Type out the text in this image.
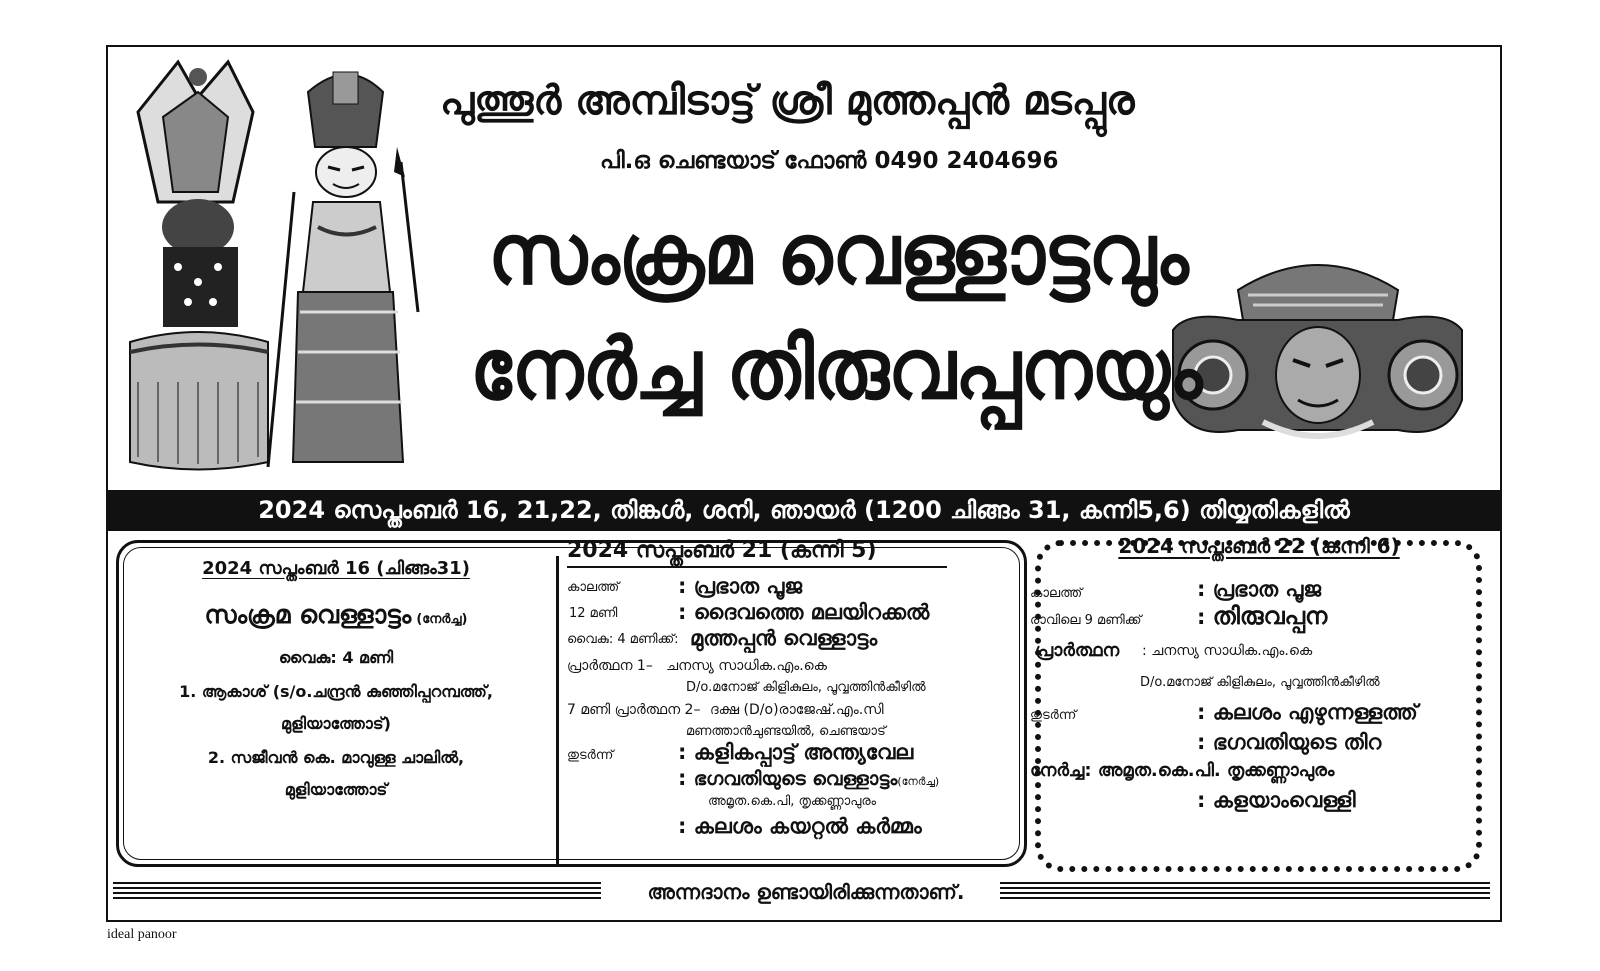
പുത്തൂർ അമ്പിടാട്ട് ശ്രീ മുത്തപ്പൻ മടപ്പുര
പി.ഒ ചെണ്ടയാട് ഫോൺ 0490 2404696
സംക്രമ വെള്ളാട്ടവും
നേർച്ച തിരുവപ്പനയും
2024 സെപ്തംബർ 16, 21,22, തിങ്കൾ, ശനി, ഞായർ (1200 ചിങ്ങം 31, കന്നി5,6) തിയ്യതികളിൽ
2024 സപ്തംബർ 16 (ചിങ്ങം31)
സംക്രമ വെള്ളാട്ടം (നേർച്ച)
വൈകു: 4 മണി
1. ആകാശ് (s/o.ചന്ദ്രൻ കുഞ്ഞിപ്പറമ്പത്ത്,
മുളിയാത്തോട്)
2. സജീവൻ കെ. മാവുള്ള ചാലിൽ,
മുളിയാത്തോട്
2024 സപ്തംബർ 21 (കന്നി 5)
കാലത്ത്	: പ്രഭാത പൂജ
12 മണി	: ദൈവത്തെ മലയിറക്കൽ
വൈകു: 4 മണിക്ക്: മുത്തപ്പൻ വെള്ളാട്ടം
പ്രാർത്ഥന 1– ചനസ്യ സാധിക.എം.കെ
D/o.മനോജ് കിളികുലം, പൂവ്വത്തിൻകീഴിൽ
7 മണി പ്രാർത്ഥന 2– ദക്ഷ (D/o)രാജേഷ്.എം.സി
മണത്താൻചുണ്ടയിൽ, ചെണ്ടയാട്
തുടർന്ന്	: കളികപ്പാട്ട് അന്ത്യവേല
: ഭഗവതിയുടെ വെള്ളാട്ടം(നേർച്ച)
അമൃത.കെ.പി, തൃക്കണ്ണാപുരം
: കലശം കയറ്റൽ കർമ്മം
2024 സപ്തംബർ 22 (കന്നി 6)
കാലത്ത്	: പ്രഭാത പൂജ
രാവിലെ 9 മണിക്ക്	: തിരുവപ്പന
പ്രാർത്ഥന : ചനസ്യ സാധിക.എം.കെ
D/o.മനോജ് കിളികുലം, പൂവ്വത്തിൻകീഴിൽ
തുടർന്ന്	: കലശം എഴുന്നള്ളത്ത്
: ഭഗവതിയുടെ തിറ
നേർച്ച: അമൃത.കെ.പി. തൃക്കണ്ണാപുരം
: കളയാംവെള്ളി
അന്നദാനം ഉണ്ടായിരിക്കുന്നതാണ്.
ideal panoor
